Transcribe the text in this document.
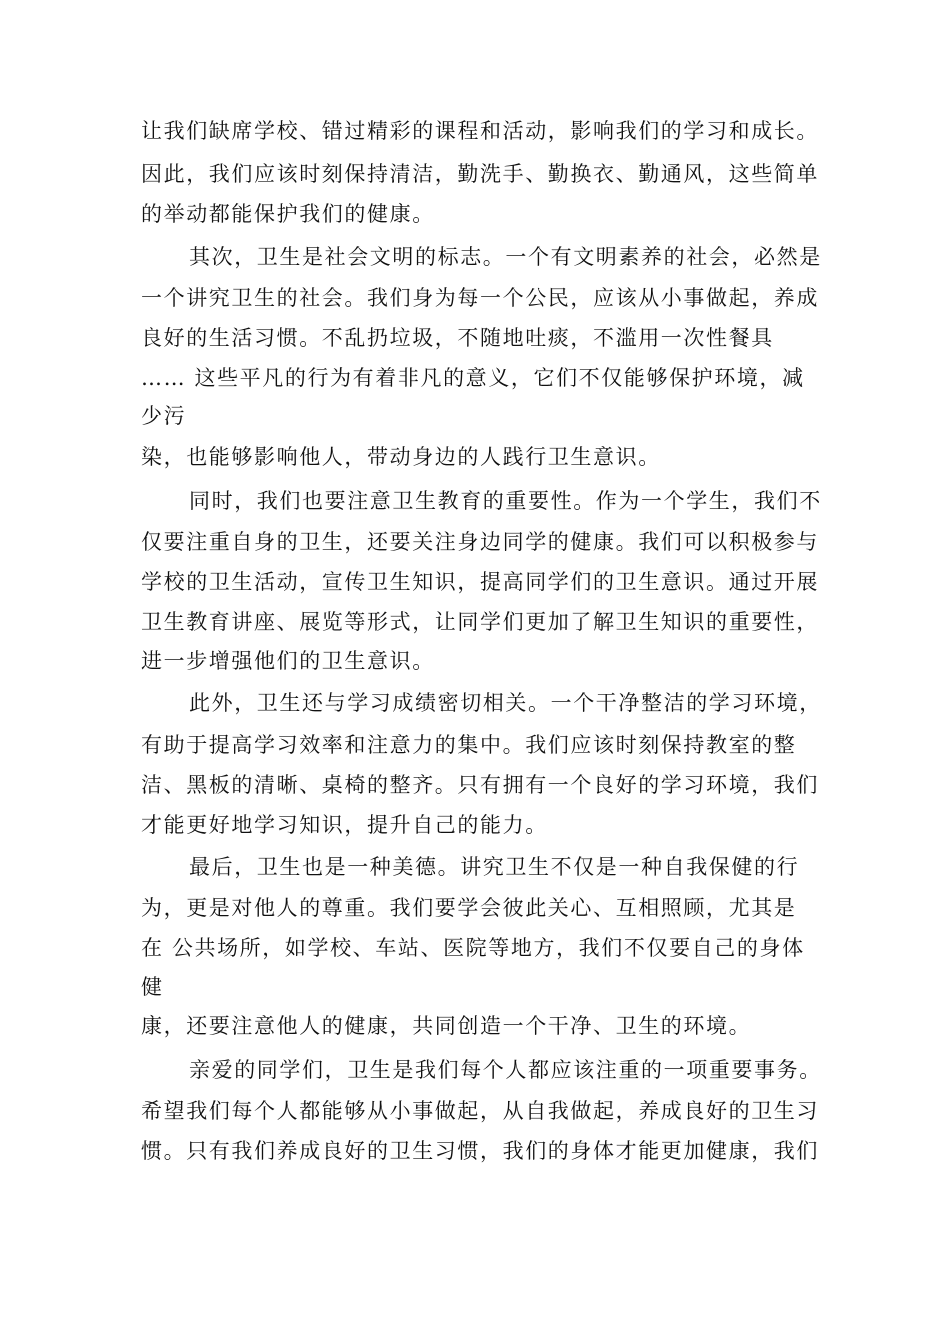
让我们缺席学校、错过精彩的课程和活动，影响我们的学习和成长。

因此，我们应该时刻保持清洁，勤洗手、勤换衣、勤通风，这些简单

的举动都能保护我们的健康。

其次，卫生是社会文明的标志。一个有文明素养的社会，必然是

一个讲究卫生的社会。我们身为每一个公民，应该从小事做起，养成

良好的生活习惯。不乱扔垃圾，不随地吐痰，不滥用一次性餐具

…… 这些平凡的行为有着非凡的意义，它们不仅能够保护环境，减

少污

染，也能够影响他人，带动身边的人践行卫生意识。

同时，我们也要注意卫生教育的重要性。作为一个学生，我们不

仅要注重自身的卫生，还要关注身边同学的健康。我们可以积极参与

学校的卫生活动，宣传卫生知识，提高同学们的卫生意识。通过开展

卫生教育讲座、展览等形式，让同学们更加了解卫生知识的重要性，

进一步增强他们的卫生意识。

此外，卫生还与学习成绩密切相关。一个干净整洁的学习环境，

有助于提高学习效率和注意力的集中。我们应该时刻保持教室的整

洁、黑板的清晰、桌椅的整齐。只有拥有一个良好的学习环境，我们

才能更好地学习知识，提升自己的能力。

最后，卫生也是一种美德。讲究卫生不仅是一种自我保健的行

为，更是对他人的尊重。我们要学会彼此关心、互相照顾，尤其是

在 公共场所，如学校、车站、医院等地方，我们不仅要自己的身体

健

康，还要注意他人的健康，共同创造一个干净、卫生的环境。

亲爱的同学们，卫生是我们每个人都应该注重的一项重要事务。

希望我们每个人都能够从小事做起，从自我做起，养成良好的卫生习

惯。只有我们养成良好的卫生习惯，我们的身体才能更加健康，我们
